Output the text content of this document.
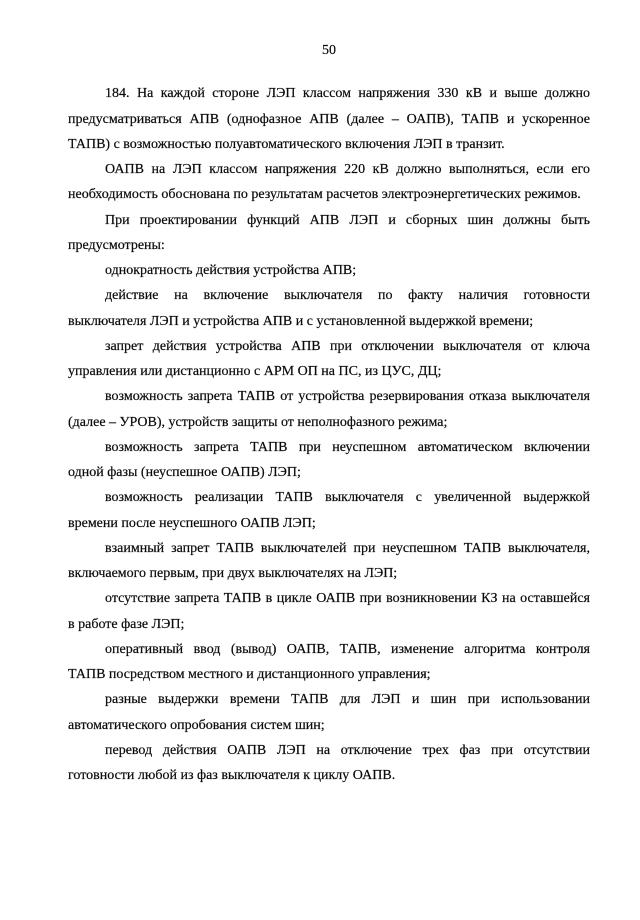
50
184. На каждой стороне ЛЭП классом напряжения 330 кВ и выше должно
предусматриваться АПВ (однофазное АПВ (далее – ОАПВ), ТАПВ и ускоренное
ТАПВ) с возможностью полуавтоматического включения ЛЭП в транзит.
ОАПВ на ЛЭП классом напряжения 220 кВ должно выполняться, если его
необходимость обоснована по результатам расчетов электроэнергетических режимов.
При проектировании функций АПВ ЛЭП и сборных шин должны быть
предусмотрены:
однократность действия устройства АПВ;
действие на включение выключателя по факту наличия готовности
выключателя ЛЭП и устройства АПВ и с установленной выдержкой времени;
запрет действия устройства АПВ при отключении выключателя от ключа
управления или дистанционно с АРМ ОП на ПС, из ЦУС, ДЦ;
возможность запрета ТАПВ от устройства резервирования отказа выключателя
(далее – УРОВ), устройств защиты от неполнофазного режима;
возможность запрета ТАПВ при неуспешном автоматическом включении
одной фазы (неуспешное ОАПВ) ЛЭП;
возможность реализации ТАПВ выключателя с увеличенной выдержкой
времени после неуспешного ОАПВ ЛЭП;
взаимный запрет ТАПВ выключателей при неуспешном ТАПВ выключателя,
включаемого первым, при двух выключателях на ЛЭП;
отсутствие запрета ТАПВ в цикле ОАПВ при возникновении КЗ на оставшейся
в работе фазе ЛЭП;
оперативный ввод (вывод) ОАПВ, ТАПВ, изменение алгоритма контроля
ТАПВ посредством местного и дистанционного управления;
разные выдержки времени ТАПВ для ЛЭП и шин при использовании
автоматического опробования систем шин;
перевод действия ОАПВ ЛЭП на отключение трех фаз при отсутствии
готовности любой из фаз выключателя к циклу ОАПВ.
